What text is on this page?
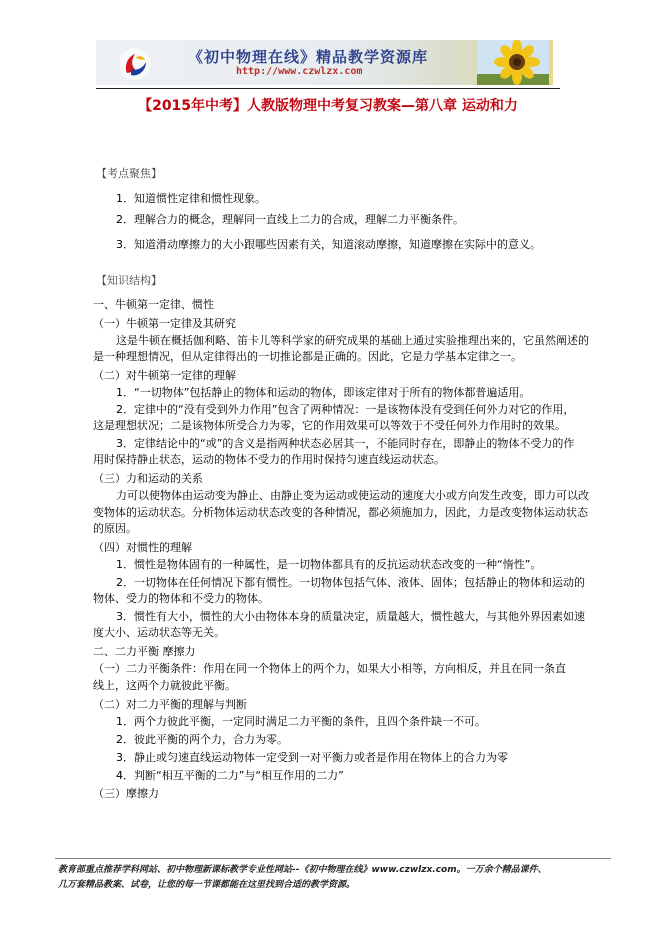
《初中物理在线》精品教学资源库
http://www.czwlzx.com
【2015年中考】人教版物理中考复习教案—第八章 运动和力
【考点聚焦】
1．知道惯性定律和惯性现象。
2．理解合力的概念，理解同一直线上二力的合成，理解二力平衡条件。
3．知道滑动摩擦力的大小跟哪些因素有关，知道滚动摩擦，知道摩擦在实际中的意义。
【知识结构】
一、牛顿第一定律、惯性
（一）牛顿第一定律及其研究
这是牛顿在概括伽利略、笛卡儿等科学家的研究成果的基础上通过实验推理出来的，它虽然阐述的
是一种理想情况，但从定律得出的一切推论都是正确的。因此，它是力学基本定律之一。
（二）对牛顿第一定律的理解
1．“一切物体”包括静止的物体和运动的物体，即该定律对于所有的物体都普遍适用。
2．定律中的“没有受到外力作用”包含了两种情况：一是该物体没有受到任何外力对它的作用，
这是理想状况；二是该物体所受合力为零，它的作用效果可以等效于不受任何外力作用时的效果。
3．定律结论中的“或”的含义是指两种状态必居其一，不能同时存在，即静止的物体不受力的作
用时保持静止状态，运动的物体不受力的作用时保持匀速直线运动状态。
（三）力和运动的关系
力可以使物体由运动变为静止、由静止变为运动或使运动的速度大小或方向发生改变，即力可以改
变物体的运动状态。分析物体运动状态改变的各种情况，都必须施加力，因此，力是改变物体运动状态
的原因。
（四）对惯性的理解
1．惯性是物体固有的一种属性，是一切物体都具有的反抗运动状态改变的一种“惰性”。
2．一切物体在任何情况下都有惯性。一切物体包括气体、液体、固体；包括静止的物体和运动的
物体、受力的物体和不受力的物体。
3．惯性有大小，惯性的大小由物体本身的质量决定，质量越大，惯性越大，与其他外界因素如速
度大小、运动状态等无关。
二、二力平衡 摩擦力
（一）二力平衡条件：作用在同一个物体上的两个力，如果大小相等，方向相反，并且在同一条直
线上，这两个力就彼此平衡。
（二）对二力平衡的理解与判断
1．两个力彼此平衡，一定同时满足二力平衡的条件，且四个条件缺一不可。
2．彼此平衡的两个力，合力为零。
3．静止或匀速直线运动物体一定受到一对平衡力或者是作用在物体上的合力为零
4．判断“相互平衡的二力”与“相互作用的二力”
（三）摩擦力
教育部重点推荐学科网站、初中物理新课标教学专业性网站--《初中物理在线》www.czwlzx.com。一万余个精品课件、
几万套精品教案、试卷，让您的每一节课都能在这里找到合适的教学资源。
